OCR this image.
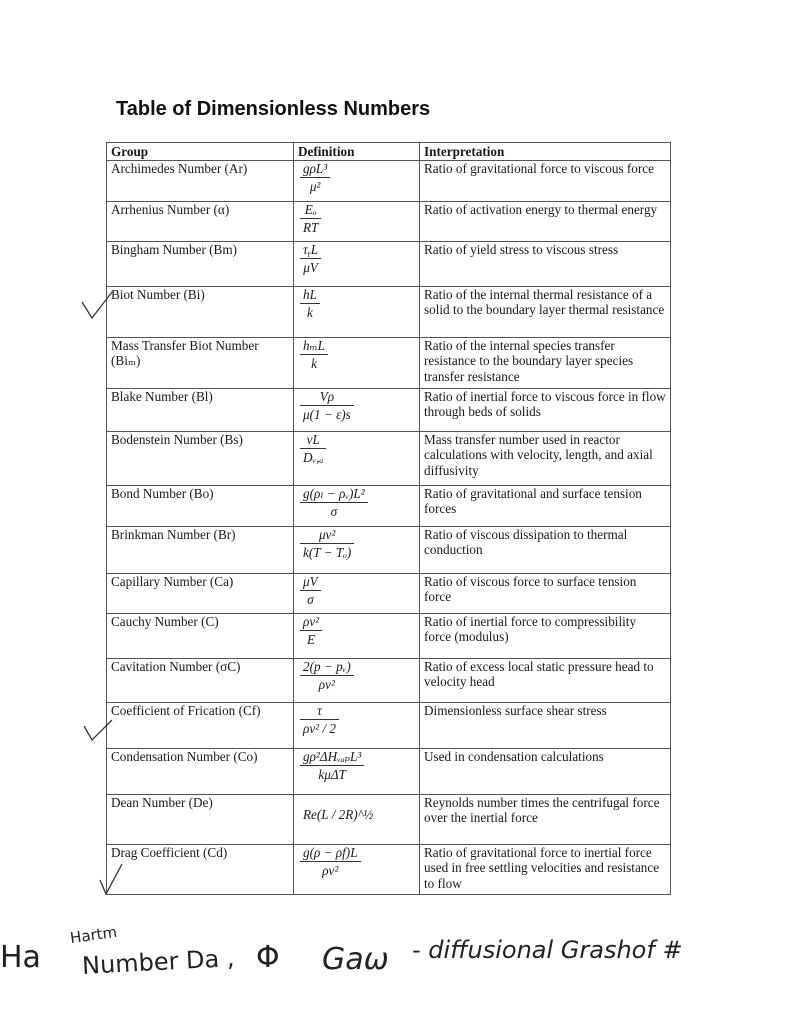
Table of Dimensionless Numbers
Group	Definition	Interpretation
Archimedes Number (Ar)	$\frac{\text{gρL³}}{\text{μ²}}$	Ratio of gravitational force to viscous force
Arrhenius Number (α)	$\frac{\text{Eₒ}}{RT}$	Ratio of activation energy to thermal energy
Bingham Number (Bm)	$\frac{\text{τᵧL}}{\mu V}$	Ratio of yield stress to viscous stress
Biot Number (Bi)	$\frac{hL}{k}$	Ratio of the internal thermal resistance of a solid to the boundary layer thermal resistance
Mass Transfer Biot Number (Biₘ)	$\frac{\text{hₘL}}{k}$	Ratio of the internal species transfer resistance to the boundary layer species transfer resistance
Blake Number (Bl)	$\frac{V\rho}{\mu(1 - \varepsilon)s}$	Ratio of inertial force to viscous force in flow through beds of solids
Bodenstein Number (Bs)	$\frac{vL}{\text{Dᵥ,ₐ}}$	Mass transfer number used in reactor calculations with velocity, length, and axial diffusivity
Bond Number (Bo)	$\frac{\text{g(ρₗ − ρᵥ)L²}}{\sigma}$	Ratio of gravitational and surface tension forces
Brinkman Number (Br)	$\frac{\text{μv²}}{\text{k(T − Tₒ)}}$	Ratio of viscous dissipation to thermal conduction
Capillary Number (Ca)	$\frac{\mu V}{\sigma}$	Ratio of viscous force to surface tension force
Cauchy Number (C)	$\frac{\text{ρv²}}{E}$	Ratio of inertial force to compressibility force (modulus)
Cavitation Number (σC)	$\frac{\text{2(p − pᵥ)}}{\text{ρv²}}$	Ratio of excess local static pressure head to velocity head
Coefficient of Frication (Cf)	$\frac{\tau}{\text{ρv² / 2}}$	Dimensionless surface shear stress
Condensation Number (Co)	$\frac{\text{gρ²ΔHᵥₐₚL³}}{\text{kμΔT}}$	Used in condensation calculations
Dean Number (De)	Re(L / 2R)^½	Reynolds number times the centrifugal force over the inertial force
Drag Coefficient (Cd)	$\frac{g(\rho - \rho f)L}{\text{ρv²}}$	Ratio of gravitational force to inertial force used in free settling velocities and resistance to flow
Ha
Hartm
Number Da , Φ Gaω - diffusional Grashof #
